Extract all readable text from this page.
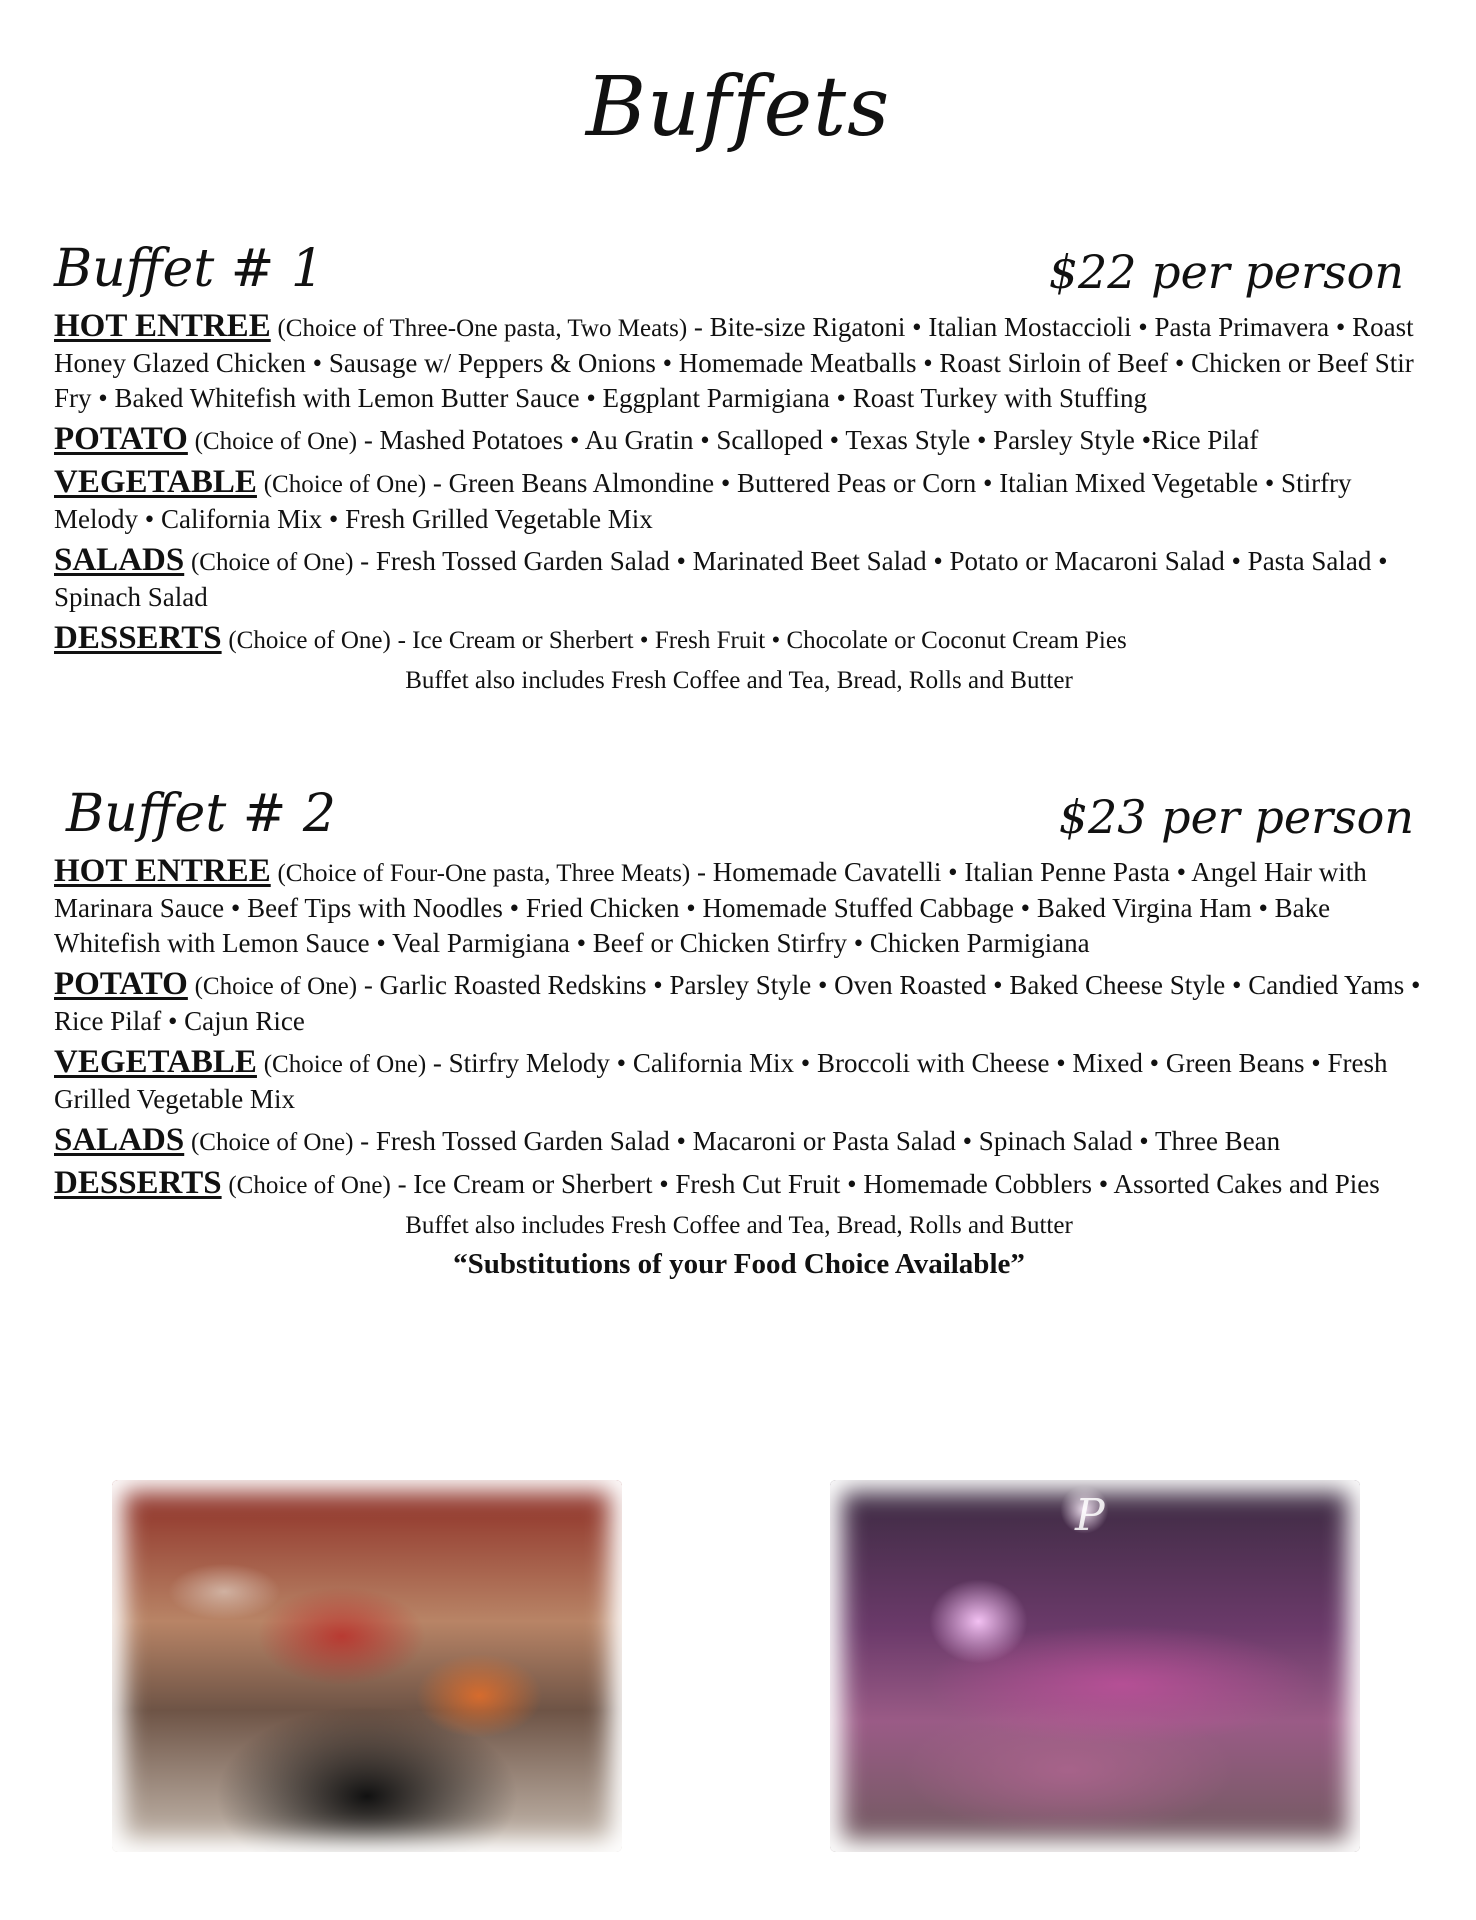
Buffets
Buffet # 1	$22 per person
HOT ENTREE (Choice of Three-One pasta, Two Meats) - Bite-size Rigatoni • Italian Mostaccioli • Pasta Primavera • Roast Honey Glazed Chicken • Sausage w/ Peppers & Onions • Homemade Meatballs • Roast Sirloin of Beef • Chicken or Beef Stir Fry • Baked Whitefish with Lemon Butter Sauce • Eggplant Parmigiana • Roast Turkey with Stuffing
POTATO (Choice of One) - Mashed Potatoes • Au Gratin • Scalloped • Texas Style • Parsley Style •Rice Pilaf
VEGETABLE (Choice of One) - Green Beans Almondine • Buttered Peas or Corn • Italian Mixed Vegetable • Stirfry Melody • California Mix • Fresh Grilled Vegetable Mix
SALADS (Choice of One) - Fresh Tossed Garden Salad • Marinated Beet Salad • Potato or Macaroni Salad • Pasta Salad • Spinach Salad
DESSERTS (Choice of One) - Ice Cream or Sherbert • Fresh Fruit • Chocolate or Coconut Cream Pies
Buffet also includes Fresh Coffee and Tea, Bread, Rolls and Butter
Buffet # 2	$23 per person
HOT ENTREE (Choice of Four-One pasta, Three Meats) - Homemade Cavatelli • Italian Penne Pasta • Angel Hair with Marinara Sauce • Beef Tips with Noodles • Fried Chicken • Homemade Stuffed Cabbage • Baked Virgina Ham • Bake Whitefish with Lemon Sauce • Veal Parmigiana • Beef or Chicken Stirfry • Chicken Parmigiana
POTATO (Choice of One) - Garlic Roasted Redskins • Parsley Style • Oven Roasted • Baked Cheese Style • Candied Yams • Rice Pilaf • Cajun Rice
VEGETABLE (Choice of One) - Stirfry Melody • California Mix • Broccoli with Cheese • Mixed • Green Beans • Fresh Grilled Vegetable Mix
SALADS (Choice of One) - Fresh Tossed Garden Salad • Macaroni or Pasta Salad • Spinach Salad • Three Bean
DESSERTS (Choice of One) - Ice Cream or Sherbert • Fresh Cut Fruit • Homemade Cobblers • Assorted Cakes and Pies
Buffet also includes Fresh Coffee and Tea, Bread, Rolls and Butter
“Substitutions of your Food Choice Available”
P
